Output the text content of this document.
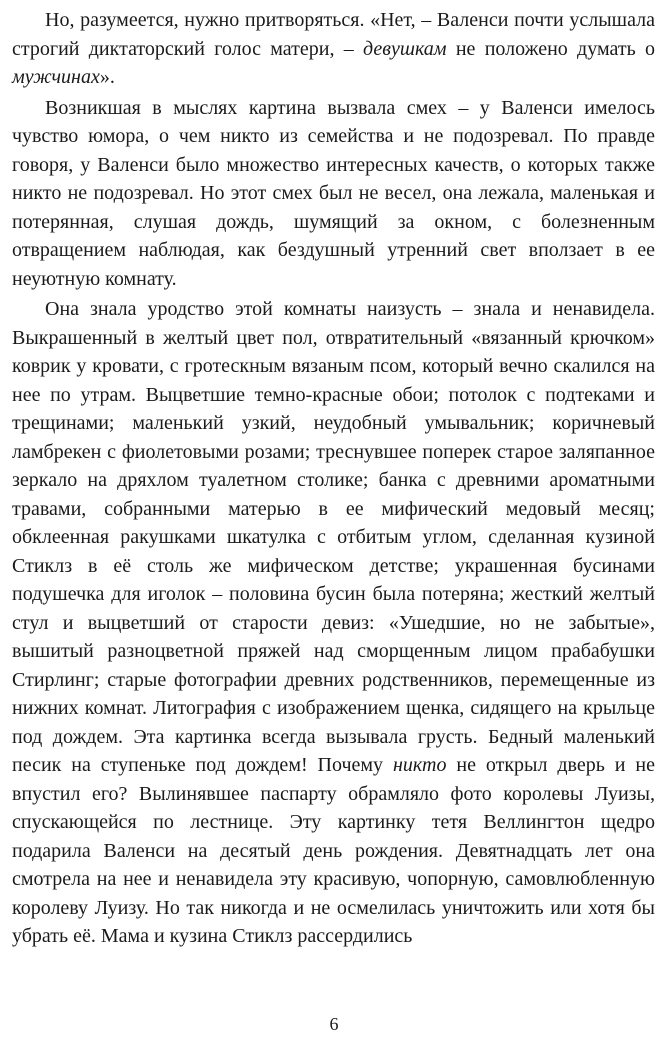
Но, разумеется, нужно притворяться. «Нет, – Валенси почти услышала строгий диктаторский голос матери, – девушкам не положено думать о мужчинах».

Возникшая в мыслях картина вызвала смех – у Валенси имелось чувство юмора, о чем никто из семейства и не подозревал. По правде говоря, у Валенси было множество интересных качеств, о которых также никто не подозревал. Но этот смех был не весел, она лежала, маленькая и потерянная, слушая дождь, шумящий за окном, с болезненным отвращением наблюдая, как бездушный утренний свет вползает в ее неуютную комнату.

Она знала уродство этой комнаты наизусть – знала и ненавидела. Выкрашенный в желтый цвет пол, отвратительный «вязанный крючком» коврик у кровати, с гротескным вязаным псом, который вечно скалился на нее по утрам. Выцветшие темно-красные обои; потолок с подтеками и трещинами; маленький узкий, неудобный умывальник; коричневый ламбрекен с фиолетовыми розами; треснувшее поперек старое заляпанное зеркало на дряхлом туалетном столике; банка с древними ароматными травами, собранными матерью в ее мифический медовый месяц; обклеенная ракушками шкатулка с отбитым углом, сделанная кузиной Стиклз в её столь же мифическом детстве; украшенная бусинами подушечка для иголок – половина бусин была потеряна; жесткий желтый стул и выцветший от старости девиз: «Ушедшие, но не забытые», вышитый разноцветной пряжей над сморщенным лицом прабабушки Стирлинг; старые фотографии древних родственников, перемещенные из нижних комнат. Литография с изображением щенка, сидящего на крыльце под дождем. Эта картинка всегда вызывала грусть. Бедный маленький песик на ступеньке под дождем! Почему никто не открыл дверь и не впустил его? Вылинявшее паспарту обрамляло фото королевы Луизы, спускающейся по лестнице. Эту картинку тетя Веллингтон щедро подарила Валенси на десятый день рождения. Девятнадцать лет она смотрела на нее и ненавидела эту красивую, чопорную, самовлюбленную королеву Луизу. Но так никогда и не осмелилась уничтожить или хотя бы убрать её. Мама и кузина Стиклз рассердились

6
